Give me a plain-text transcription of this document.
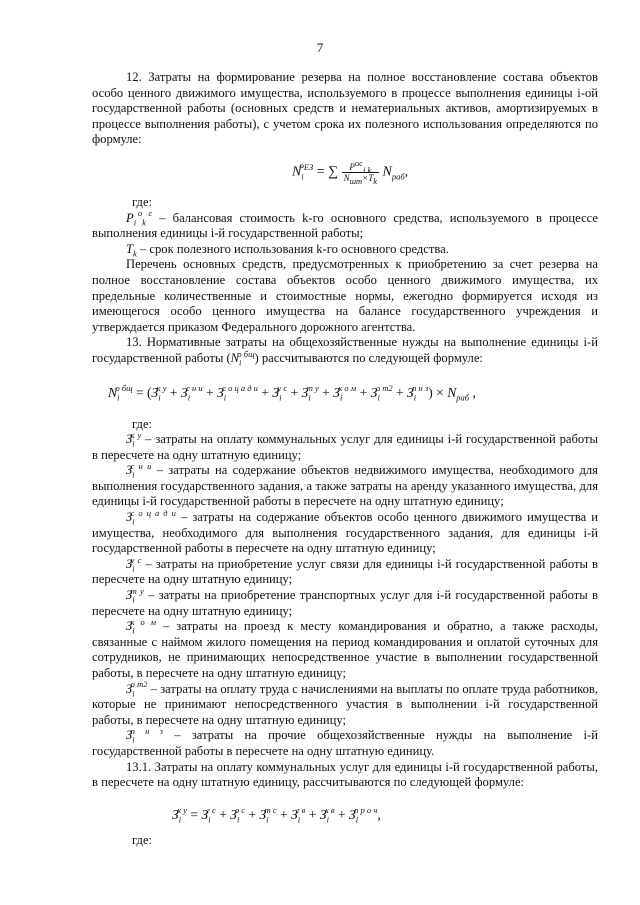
7

12. Затраты на формирование резерва на полное восстановление состава объектов особо ценного движимого имущества, используемого в процессе выполнения единицы i-ой государственной работы (основных средств и нематериальных активов, амортизируемых в процессе выполнения работы), с учетом срока их полезного использования определяются по формуле:

$N_i^{РЕЗ}$ = ∑ $\frac{P^{ос}_{i k}}{N_{шт}\times T_k} N_{раб}$,

где:

$P_{i k}^{о с}$ – балансовая стоимость k-го основного средства, используемого в процессе выполнения единицы i-й государственной работы;

$T_k$ – срок полезного использования k-го основного средства.

Перечень основных средств, предусмотренных к приобретению за счет резерва на полное восстановление состава объектов особо ценного движимого имущества, их предельные количественные и стоимостные нормы, ежегодно формируется исходя из имеющегося особо ценного имущества на балансе государственного учреждения и утверждается приказом Федерального дорожного агентства.

13. Нормативные затраты на общехозяйственные нужды на выполнение единицы i-й государственной работы $(N_i^{о бщ})$ рассчитываются по следующей формуле:

$N_i^{о бщ} = (З_i^{к у} + З_i^{с н и} + З_i^{с о ц а д и} + З_i^{у с} + З_i^{т у} + З_i^{к о м} + З_i^{о т2} + З_i^{п н з}) \times N_{раб}$ ,

где:

$З_i^{к у}$ – затраты на оплату коммунальных услуг для единицы i-й государственной работы в пересчете на одну штатную единицу;

$З_i^{с н и}$ – затраты на содержание объектов недвижимого имущества, необходимого для выполнения государственного задания, а также затраты на аренду указанного имущества, для единицы i-й государственной работы в пересчете на одну штатную единицу;

$З_i^{с о ц а д и}$ – затраты на содержание объектов особо ценного движимого имущества и имущества, необходимого для выполнения государственного задания, для единицы i-й государственной работы в пересчете на одну штатную единицу;

$З_i^{у с}$ – затраты на приобретение услуг связи для единицы i-й государственной работы в пересчете на одну штатную единицу;

$З_i^{т у}$ – затраты на приобретение транспортных услуг для i-й государственной работы в пересчете на одну штатную единицу;

$З_i^{к о м}$ – затраты на проезд к месту командирования и обратно, а также расходы, связанные с наймом жилого помещения на период командирования и оплатой суточных для сотрудников, не принимающих непосредственное участие в выполнении государственной работы, в пересчете на одну штатную единицу;

$З_i^{о т2}$ – затраты на оплату труда с начислениями на выплаты по оплате труда работников, которые не принимают непосредственного участия в выполнении i-й государственной работы, в пересчете на одну штатную единицу;

$З_i^{п н з}$ – затраты на прочие общехозяйственные нужды на выполнение i-й государственной работы в пересчете на одну штатную единицу.

13.1. Затраты на оплату коммунальных услуг для единицы i-й государственной работы, в пересчете на одну штатную единицу, рассчитываются по следующей формуле:

$З_i^{к у} = З_i^{г с} + З_i^{э с} + З_i^{т с} + З_i^{г в} + З_i^{х в} + З_i^{п р о ч}$,

где:
